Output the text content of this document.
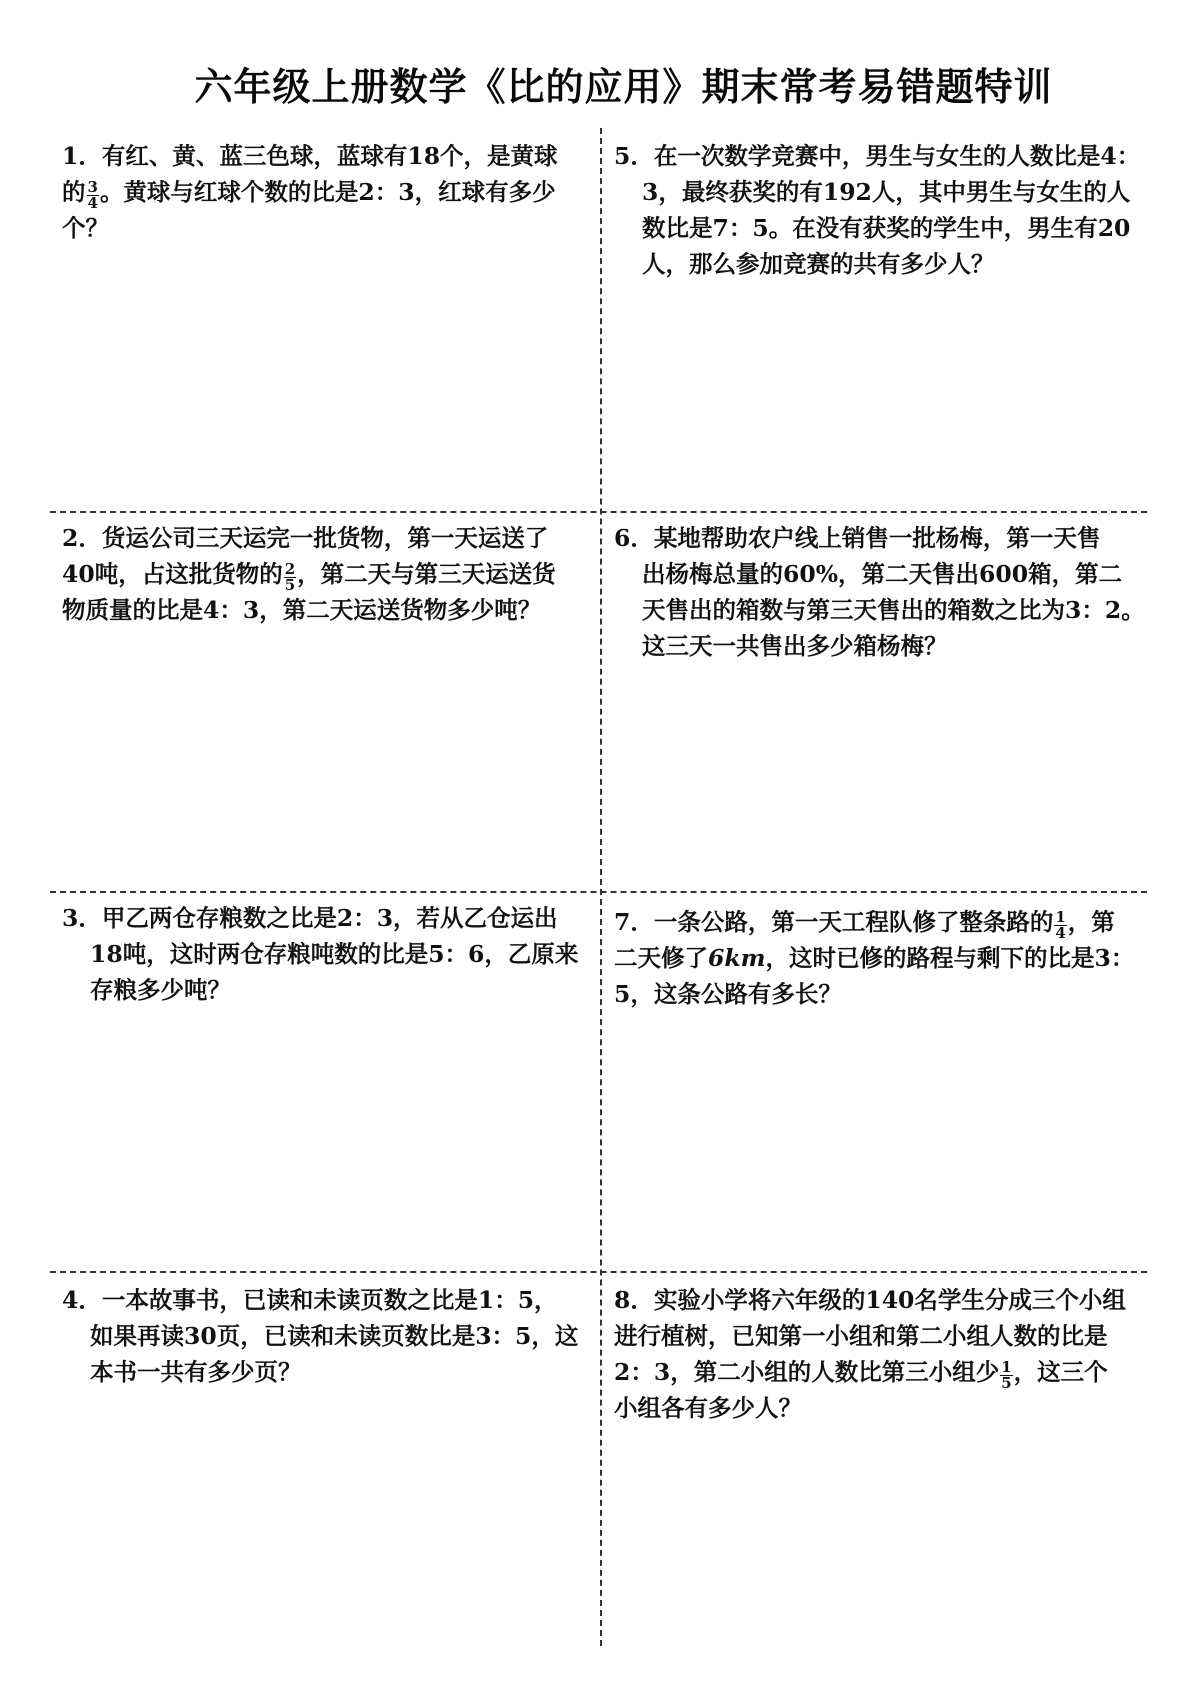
六年级上册数学《比的应用》期末常考易错题特训
1．有红、黄、蓝三色球，蓝球有18个，是黄球
的 $\frac{3}{4}$ 。黄球与红球个数的比是2：3，红球有多少
个？
5．在一次数学竞赛中，男生与女生的人数比是4：
3，最终获奖的有192人，其中男生与女生的人
数比是7：5。在没有获奖的学生中，男生有20
人，那么参加竞赛的共有多少人？
2．货运公司三天运完一批货物，第一天运送了
40吨，占这批货物的 $\frac{2}{5}$ ，第二天与第三天运送货
物质量的比是4：3，第二天运送货物多少吨？
6．某地帮助农户线上销售一批杨梅，第一天售
出杨梅总量的60%，第二天售出600箱，第二
天售出的箱数与第三天售出的箱数之比为3：2。
这三天一共售出多少箱杨梅？
3．甲乙两仓存粮数之比是2：3，若从乙仓运出
18吨，这时两仓存粮吨数的比是5：6，乙原来
存粮多少吨？
7．一条公路，第一天工程队修了整条路的 $\frac{1}{4}$ ，第
二天修了6km，这时已修的路程与剩下的比是3：
5，这条公路有多长？
4．一本故事书，已读和未读页数之比是1：5，
如果再读30页，已读和未读页数比是3：5，这
本书一共有多少页？
8．实验小学将六年级的140名学生分成三个小组
进行植树，已知第一小组和第二小组人数的比是
2：3，第二小组的人数比第三小组少 $\frac{1}{5}$ ，这三个
小组各有多少人？
